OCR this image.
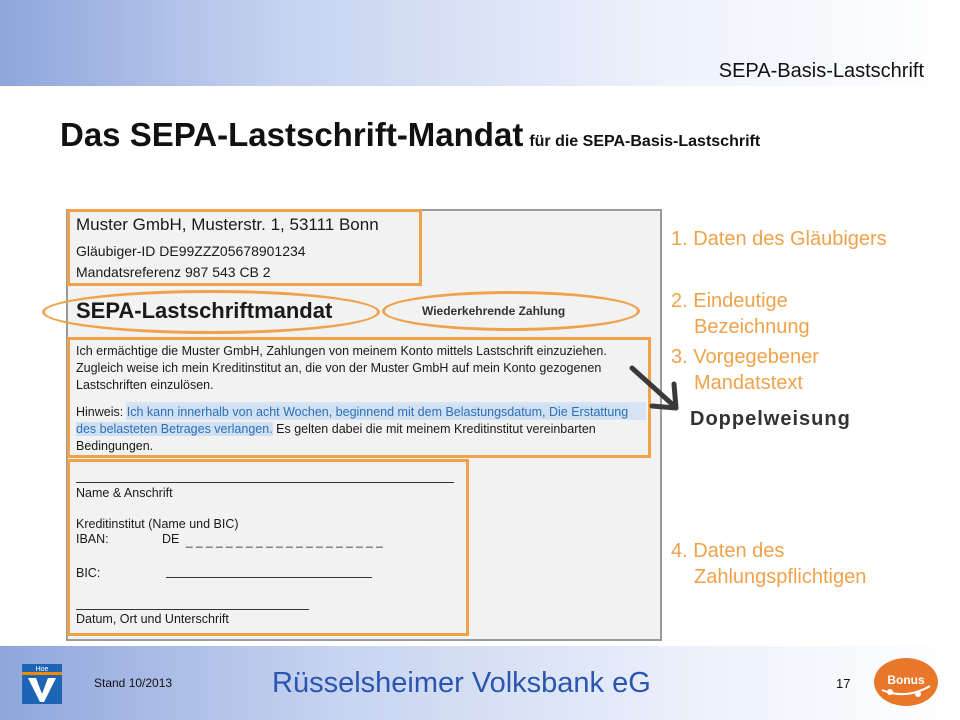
SEPA-Basis-Lastschrift
Das SEPA-Lastschrift-Mandat für die SEPA-Basis-Lastschrift
Muster GmbH, Musterstr. 1, 53111 Bonn
Gläubiger-ID DE99ZZZ05678901234
Mandatsreferenz 987 543 CB 2
SEPA-Lastschriftmandat	Wiederkehrende Zahlung
Ich ermächtige die Muster GmbH, Zahlungen von meinem Konto mittels Lastschrift einzuziehen.
Zugleich weise ich mein Kreditinstitut an, die von der Muster GmbH auf mein Konto gezogenen
Lastschriften einzulösen.
Hinweis: Ich kann innerhalb von acht Wochen, beginnend mit dem Belastungsdatum, Die Erstattung
des belasteten Betrages verlangen. Es gelten dabei die mit meinem Kreditinstitut vereinbarten
Bedingungen.
Name & Anschrift
Kreditinstitut (Name und BIC)
IBAN:	DE _ _ _ _ _ _ _ _ _ _ _ _ _ _ _ _ _ _ _ _
BIC:
Datum, Ort und Unterschrift
1. Daten des Gläubigers
2. Eindeutige
Bezeichnung
3. Vorgegebener
Mandatstext
Doppelweisung
4. Daten des
Zahlungspflichtigen
Hoe
Stand 10/2013	Rüsselsheimer Volksbank eG	17	Bonus
